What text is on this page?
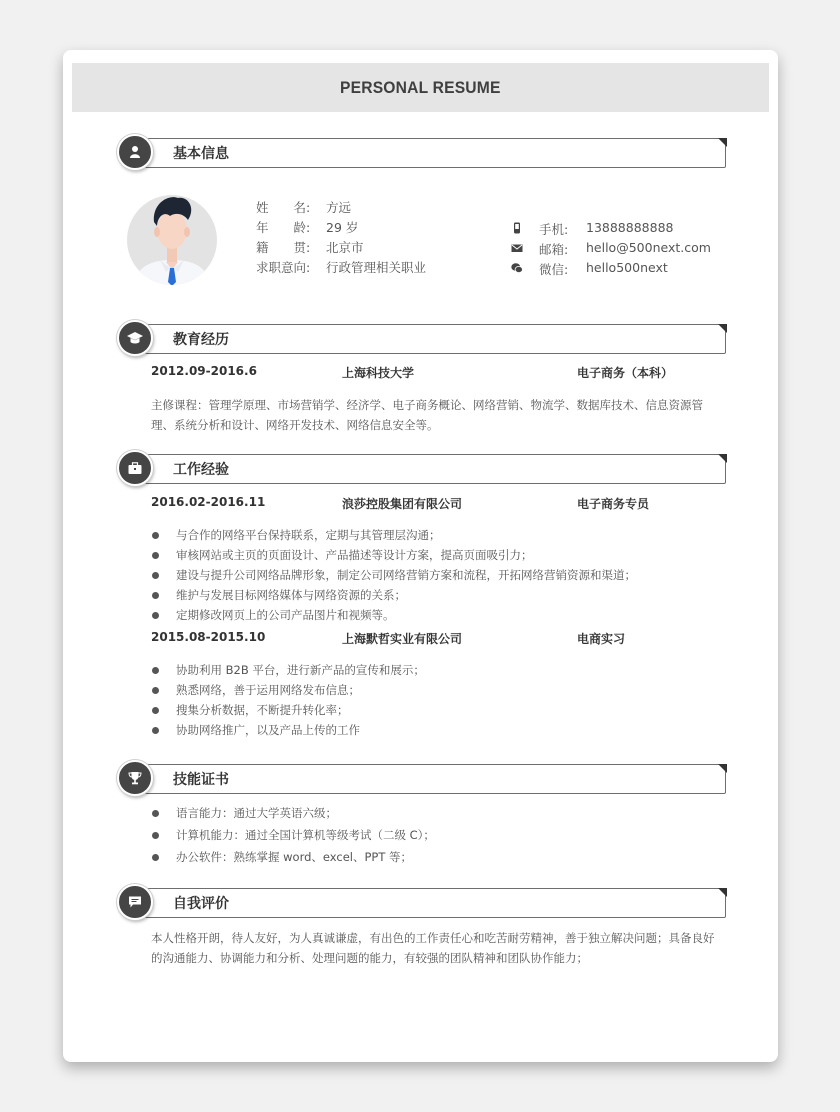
PERSONAL RESUME
基本信息
姓　　名: 方远
年　　龄: 29 岁
籍　　贯: 北京市
求职意向: 行政管理相关职业
手机: 13888888888
邮箱: hello@500next.com
微信: hello500next
教育经历
2012.09-2016.6	上海科技大学	电子商务（本科）
主修课程：管理学原理、市场营销学、经济学、电子商务概论、网络营销、物流学、数据库技术、信息资源管理、系统分析和设计、网络开发技术、网络信息安全等。
工作经验
2016.02-2016.11	浪莎控股集团有限公司	电子商务专员
与合作的网络平台保持联系，定期与其管理层沟通；
审核网站或主页的页面设计、产品描述等设计方案，提高页面吸引力；
建设与提升公司网络品牌形象，制定公司网络营销方案和流程，开拓网络营销资源和渠道；
维护与发展目标网络媒体与网络资源的关系；
定期修改网页上的公司产品图片和视频等。
2015.08-2015.10	上海默哲实业有限公司	电商实习
协助利用 B2B 平台，进行新产品的宣传和展示；
熟悉网络，善于运用网络发布信息；
搜集分析数据，不断提升转化率；
协助网络推广，以及产品上传的工作
技能证书
语言能力：通过大学英语六级；
计算机能力：通过全国计算机等级考试（二级 C）；
办公软件：熟练掌握 word、excel、PPT 等；
自我评价
本人性格开朗，待人友好，为人真诚谦虚，有出色的工作责任心和吃苦耐劳精神，善于独立解决问题；具备良好的沟通能力、协调能力和分析、处理问题的能力，有较强的团队精神和团队协作能力；
